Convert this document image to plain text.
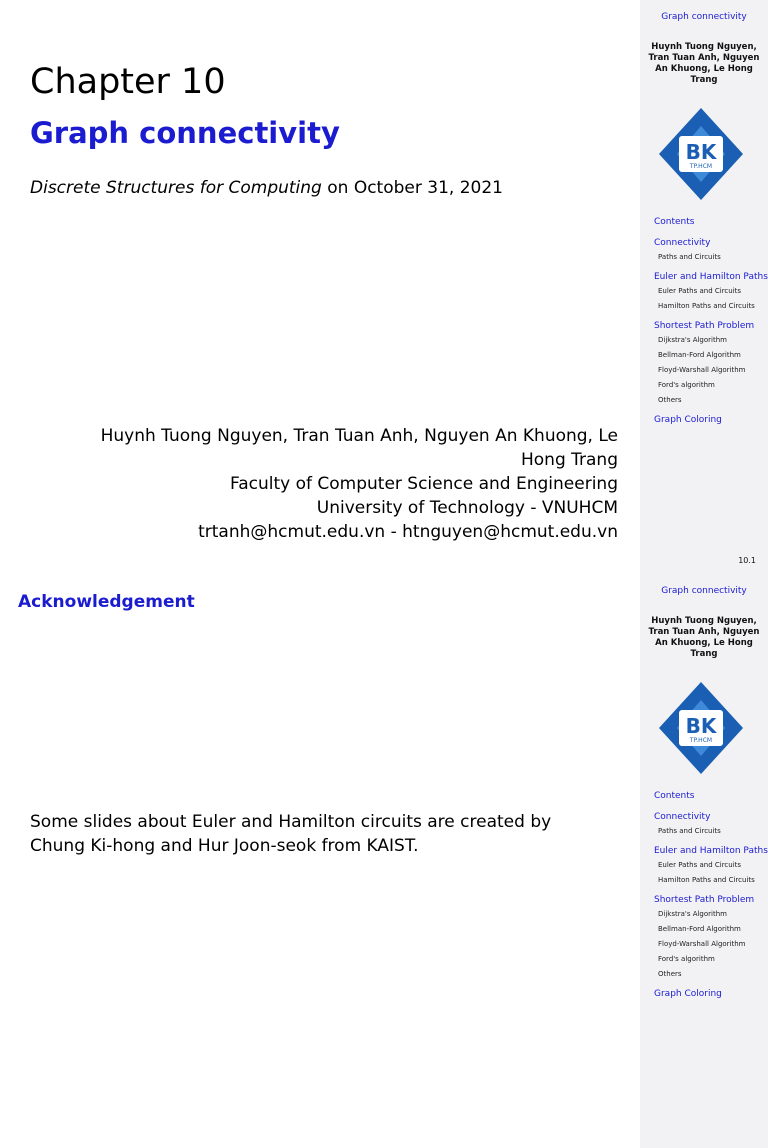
Chapter 10
Graph connectivity

Discrete Structures for Computing on October 31, 2021

Huynh Tuong Nguyen, Tran Tuan Anh, Nguyen An Khuong, Le
Hong Trang
Faculty of Computer Science and Engineering
University of Technology - VNUHCM
trtanh@hcmut.edu.vn - htnguyen@hcmut.edu.vn
Graph connectivity
Huynh Tuong Nguyen,
Tran Tuan Anh, Nguyen
An Khuong, Le Hong
Trang
BK
TP.HCM
Contents
Connectivity
Paths and Circuits
Euler and Hamilton Paths
Euler Paths and Circuits
Hamilton Paths and Circuits
Shortest Path Problem
Dijkstra's Algorithm
Bellman-Ford Algorithm
Floyd-Warshall Algorithm
Ford's algorithm
Others
Graph Coloring
10.1
Acknowledgement

Some slides about Euler and Hamilton circuits are created by Chung Ki-hong and Hur Joon-seok from KAIST.

Graph connectivity
Huynh Tuong Nguyen,
Tran Tuan Anh, Nguyen
An Khuong, Le Hong
Trang
BK
TP.HCM
Contents
Connectivity
Paths and Circuits
Euler and Hamilton Paths
Euler Paths and Circuits
Hamilton Paths and Circuits
Shortest Path Problem
Dijkstra's Algorithm
Bellman-Ford Algorithm
Floyd-Warshall Algorithm
Ford's algorithm
Others
Graph Coloring
